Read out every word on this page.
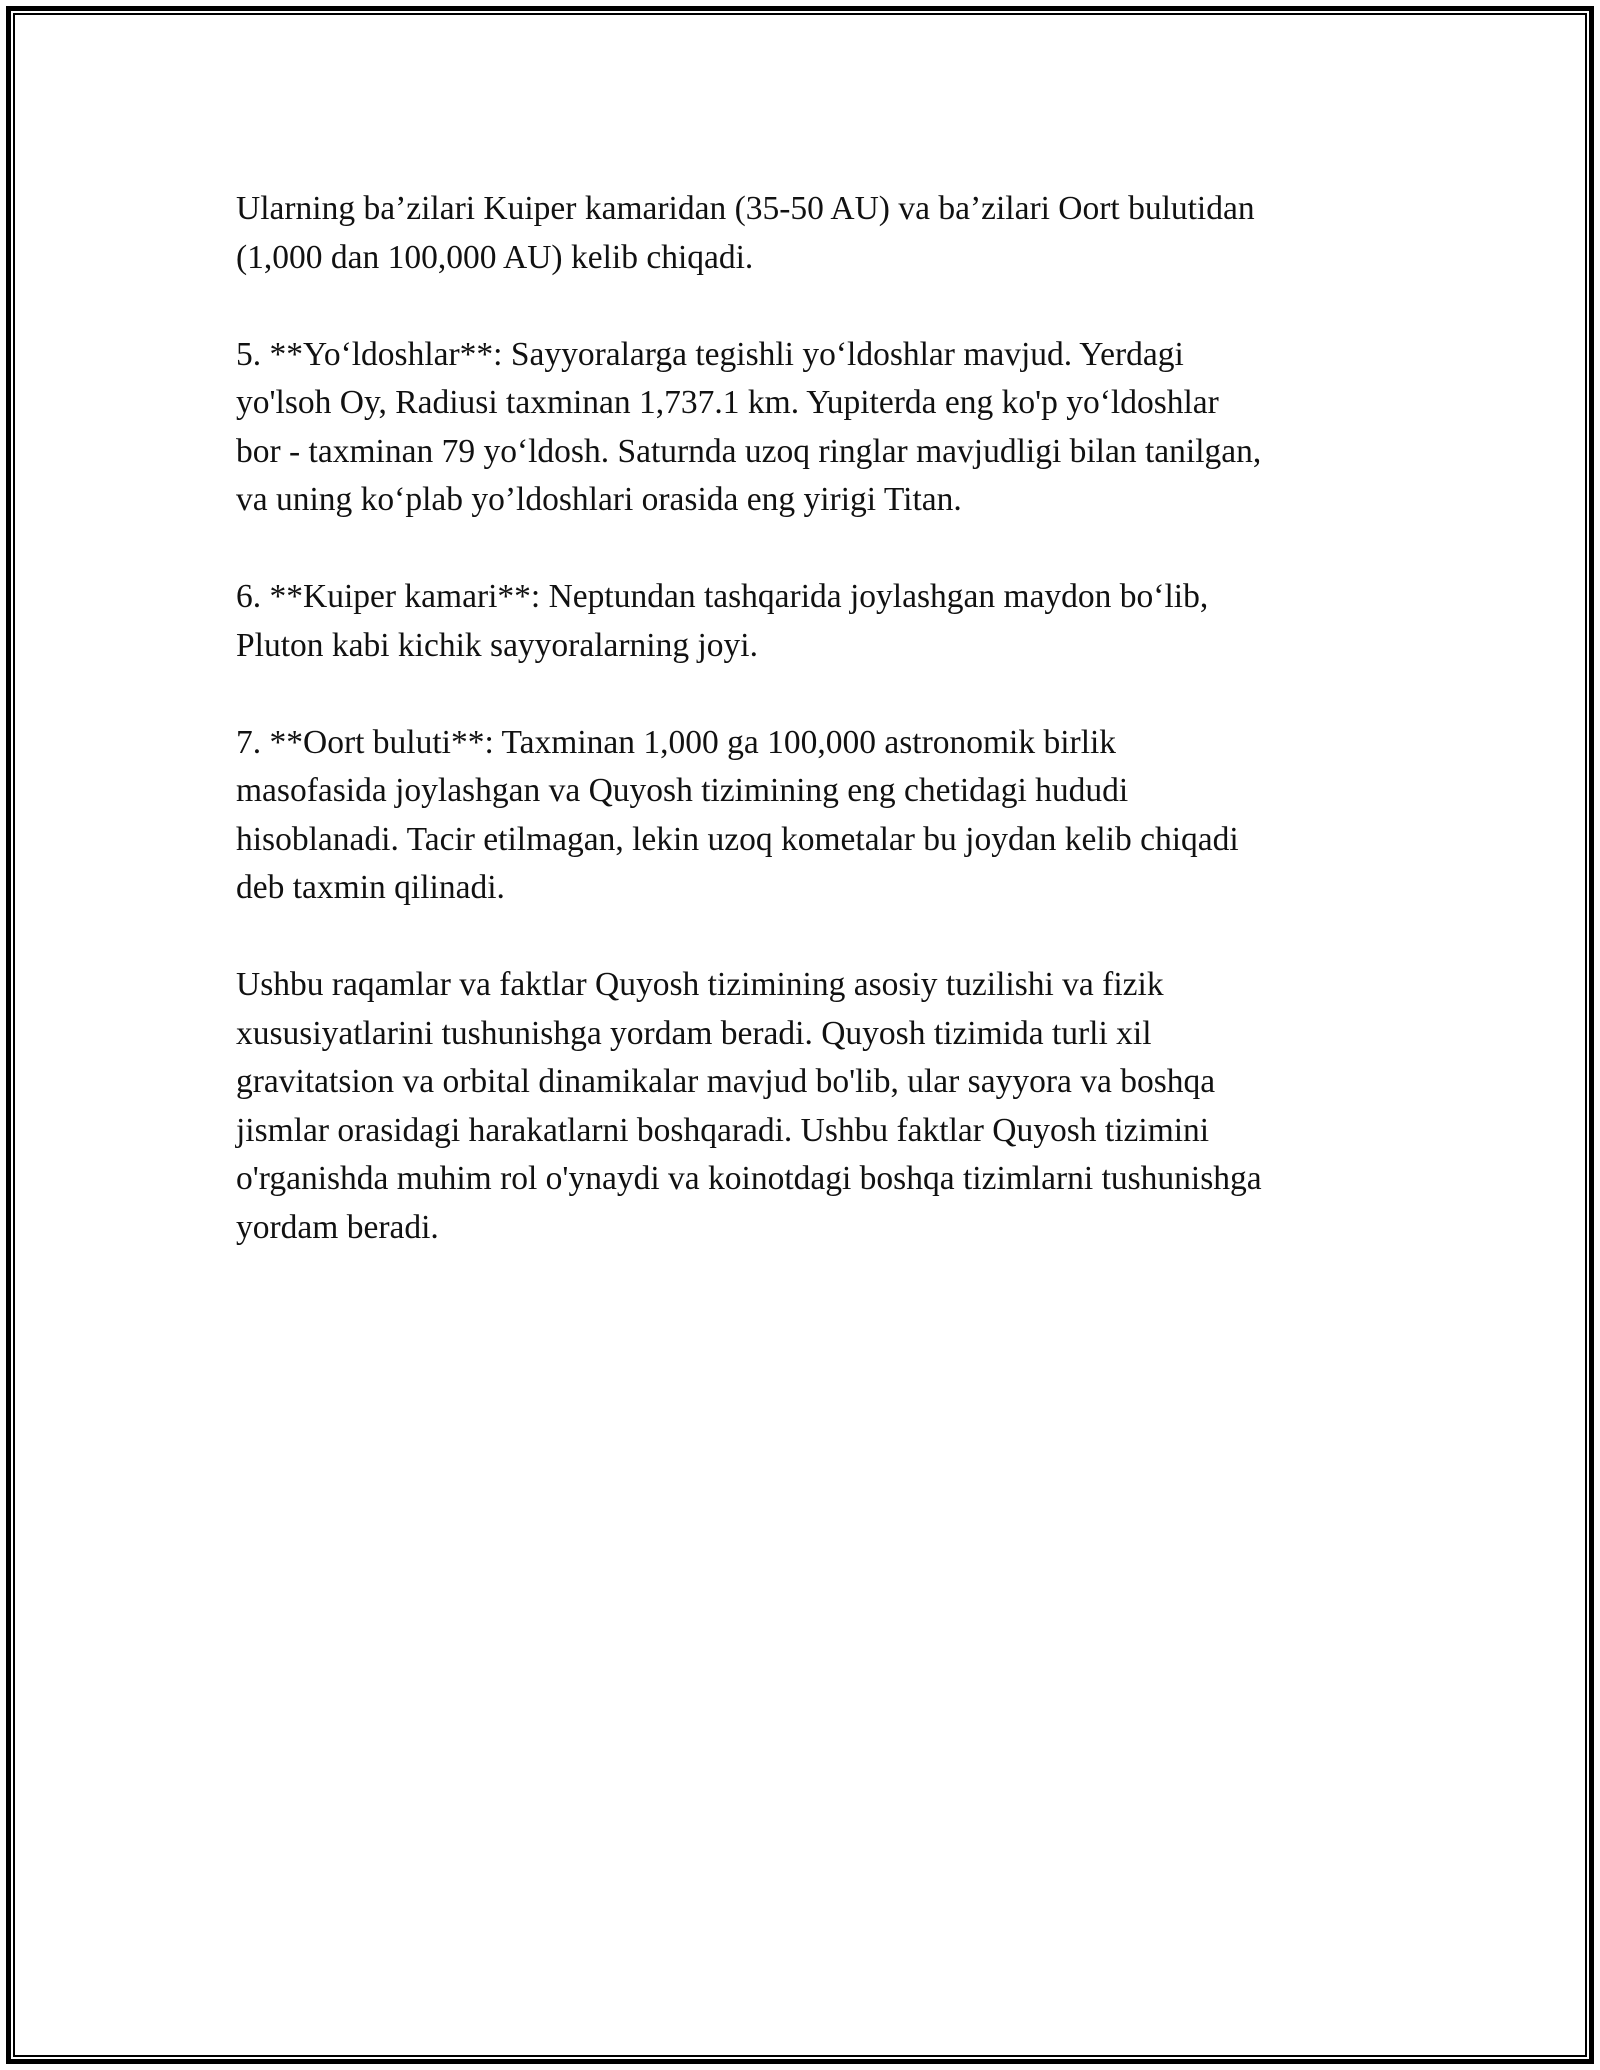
Ularning ba’zilari Kuiper kamaridan (35-50 AU) va ba’zilari Oort bulutidan
(1,000 dan 100,000 AU) kelib chiqadi.

5. **Yo‘ldoshlar**: Sayyoralarga tegishli yo‘ldoshlar mavjud. Yerdagi
yo'lsoh Oy, Radiusi taxminan 1,737.1 km. Yupiterda eng ko'p yo‘ldoshlar
bor - taxminan 79 yo‘ldosh. Saturnda uzoq ringlar mavjudligi bilan tanilgan,
va uning ko‘plab yo’ldoshlari orasida eng yirigi Titan.

6. **Kuiper kamari**: Neptundan tashqarida joylashgan maydon bo‘lib,
Pluton kabi kichik sayyoralarning joyi.

7. **Oort buluti**: Taxminan 1,000 ga 100,000 astronomik birlik
masofasida joylashgan va Quyosh tizimining eng chetidagi hududi
hisoblanadi. Tacir etilmagan, lekin uzoq kometalar bu joydan kelib chiqadi
deb taxmin qilinadi.

Ushbu raqamlar va faktlar Quyosh tizimining asosiy tuzilishi va fizik
xususiyatlarini tushunishga yordam beradi. Quyosh tizimida turli xil
gravitatsion va orbital dinamikalar mavjud bo'lib, ular sayyora va boshqa
jismlar orasidagi harakatlarni boshqaradi. Ushbu faktlar Quyosh tizimini
o'rganishda muhim rol o'ynaydi va koinotdagi boshqa tizimlarni tushunishga
yordam beradi.
